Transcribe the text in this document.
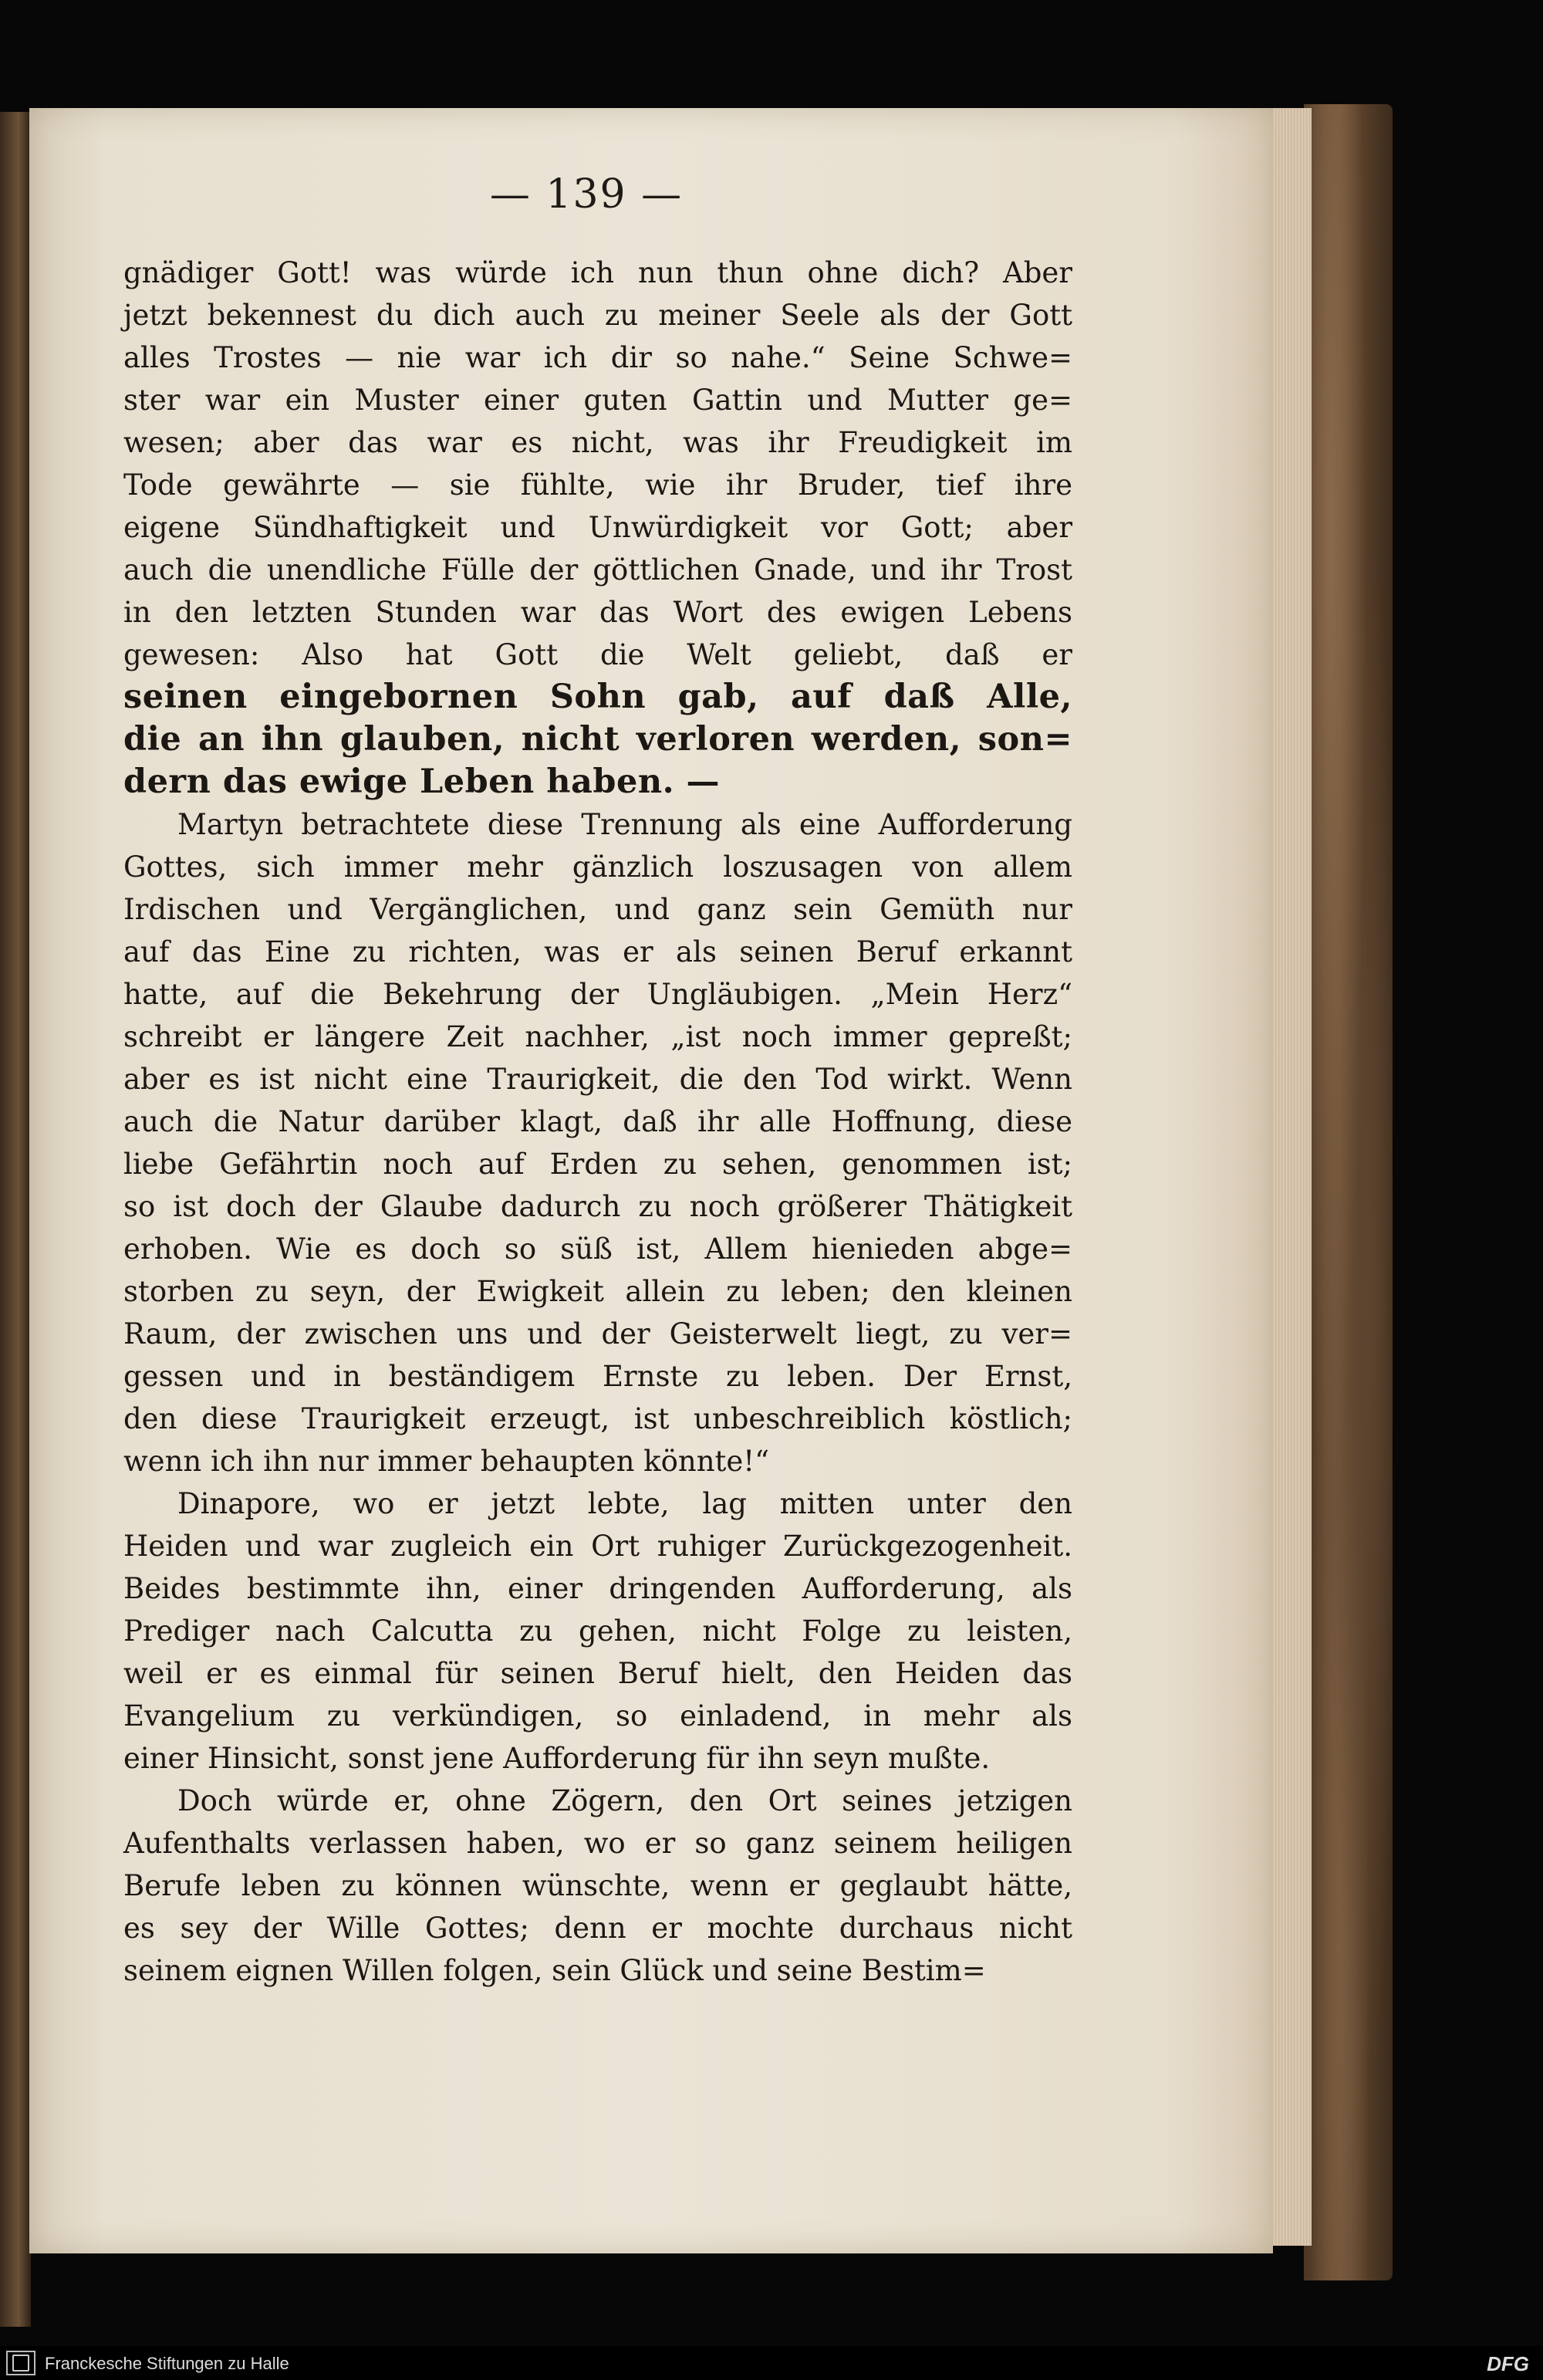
— 139 —
gnädiger Gott! was würde ich nun thun ohne dich? Aber
jetzt bekennest du dich auch zu meiner Seele als der Gott
alles Trostes — nie war ich dir so nahe.“ Seine Schwe=
ster war ein Muster einer guten Gattin und Mutter ge=
wesen; aber das war es nicht, was ihr Freudigkeit im
Tode gewährte — sie fühlte, wie ihr Bruder, tief ihre
eigene Sündhaftigkeit und Unwürdigkeit vor Gott; aber
auch die unendliche Fülle der göttlichen Gnade, und ihr Trost
in den letzten Stunden war das Wort des ewigen Lebens
gewesen: Also hat Gott die Welt geliebt, daß er
seinen eingebornen Sohn gab, auf daß Alle,
die an ihn glauben, nicht verloren werden, son=
dern das ewige Leben haben. —
Martyn betrachtete diese Trennung als eine Aufforderung
Gottes, sich immer mehr gänzlich loszusagen von allem
Irdischen und Vergänglichen, und ganz sein Gemüth nur
auf das Eine zu richten, was er als seinen Beruf erkannt
hatte, auf die Bekehrung der Ungläubigen. „Mein Herz“
schreibt er längere Zeit nachher, „ist noch immer gepreßt;
aber es ist nicht eine Traurigkeit, die den Tod wirkt. Wenn
auch die Natur darüber klagt, daß ihr alle Hoffnung, diese
liebe Gefährtin noch auf Erden zu sehen, genommen ist;
so ist doch der Glaube dadurch zu noch größerer Thätigkeit
erhoben. Wie es doch so süß ist, Allem hienieden abge=
storben zu seyn, der Ewigkeit allein zu leben; den kleinen
Raum, der zwischen uns und der Geisterwelt liegt, zu ver=
gessen und in beständigem Ernste zu leben. Der Ernst,
den diese Traurigkeit erzeugt, ist unbeschreiblich köstlich;
wenn ich ihn nur immer behaupten könnte!“
Dinapore, wo er jetzt lebte, lag mitten unter den
Heiden und war zugleich ein Ort ruhiger Zurückgezogenheit.
Beides bestimmte ihn, einer dringenden Aufforderung, als
Prediger nach Calcutta zu gehen, nicht Folge zu leisten,
weil er es einmal für seinen Beruf hielt, den Heiden das
Evangelium zu verkündigen, so einladend, in mehr als
einer Hinsicht, sonst jene Aufforderung für ihn seyn mußte.
Doch würde er, ohne Zögern, den Ort seines jetzigen
Aufenthalts verlassen haben, wo er so ganz seinem heiligen
Berufe leben zu können wünschte, wenn er geglaubt hätte,
es sey der Wille Gottes; denn er mochte durchaus nicht
seinem eignen Willen folgen, sein Glück und seine Bestim=
Franckesche Stiftungen zu Halle	DFG
